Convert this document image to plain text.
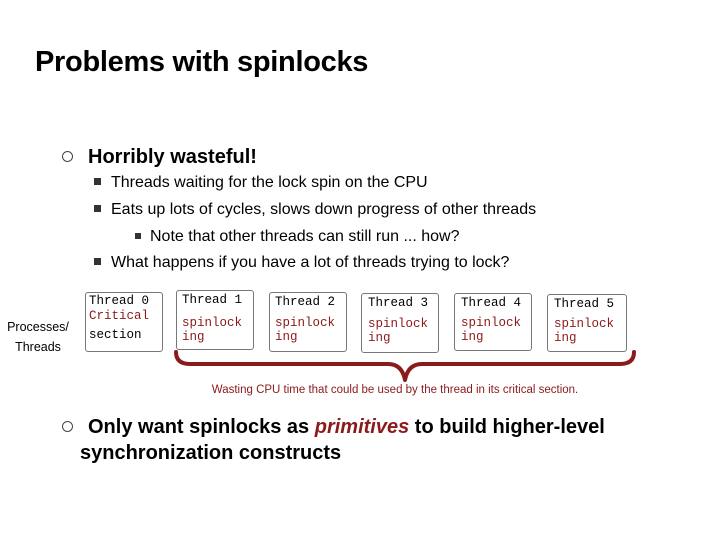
Problems with spinlocks
Horribly wasteful!
Threads waiting for the lock spin on the CPU
Eats up lots of cycles, slows down progress of other threads
Note that other threads can still run ... how?
What happens if you have a lot of threads trying to lock?
Processes/
Threads
Thread 0
Critical
section
Thread 1
spinlock
ing
Thread 2
spinlock
ing
Thread 3
spinlock
ing
Thread 4
spinlock
ing
Thread 5
spinlock
ing
Wasting CPU time that could be used by the thread in its critical section.
Only want spinlocks as primitives to build higher-level
synchronization constructs
